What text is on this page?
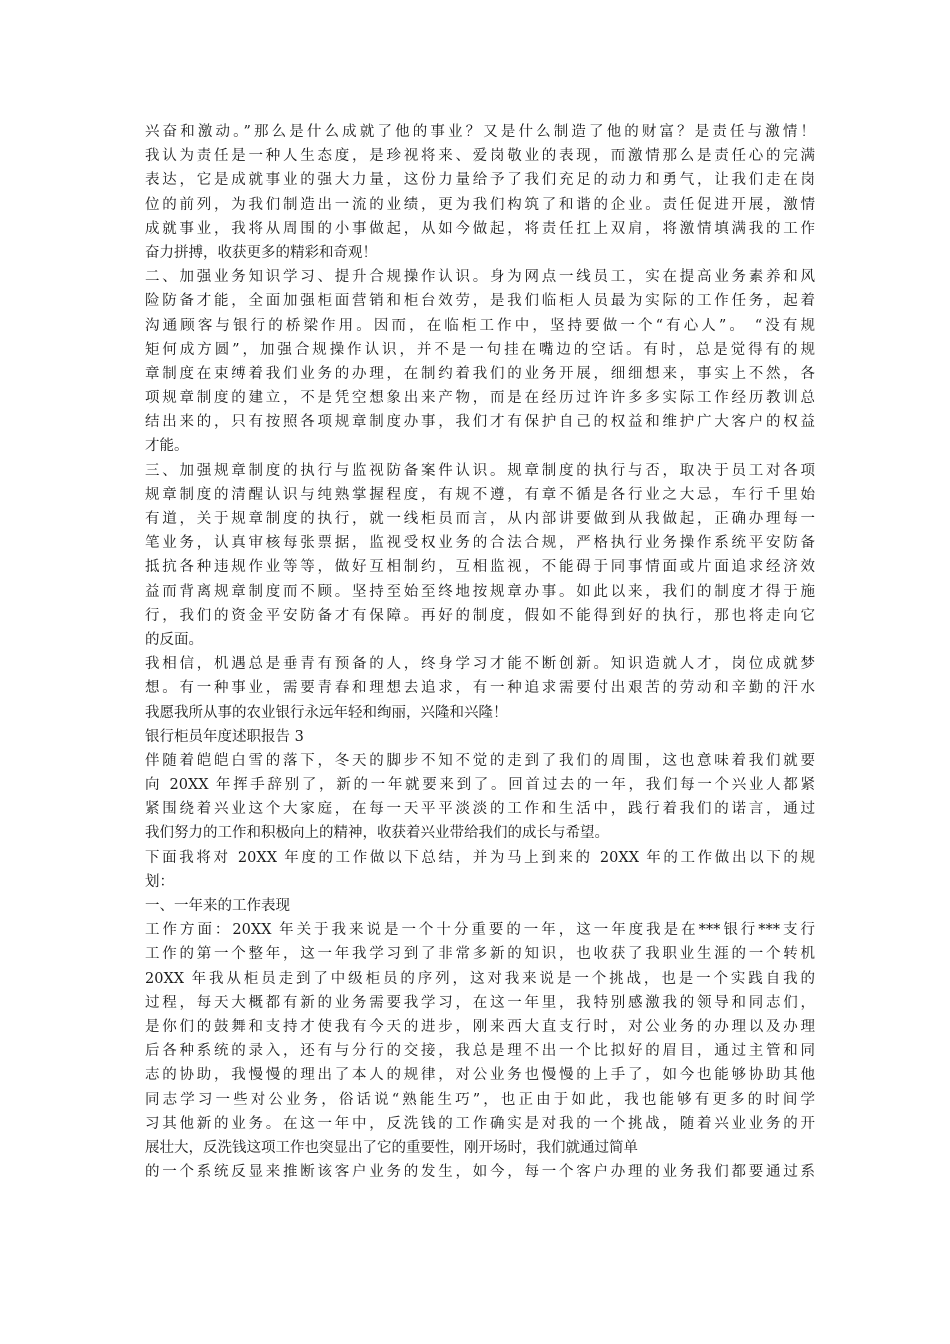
兴奋和激动。”那么是什么成就了他的事业？又是什么制造了他的财富？是责任与激情！
我认为责任是一种人生态度，是珍视将来、爱岗敬业的表现，而激情那么是责任心的完满
表达，它是成就事业的强大力量，这份力量给予了我们充足的动力和勇气，让我们走在岗
位的前列，为我们制造出一流的业绩，更为我们构筑了和谐的企业。责任促进开展，激情
成就事业，我将从周围的小事做起，从如今做起，将责任扛上双肩，将激情填满我的工作
奋力拼搏，收获更多的精彩和奇观！
二、加强业务知识学习、提升合规操作认识。身为网点一线员工，实在提高业务素养和风
险防备才能，全面加强柜面营销和柜台效劳，是我们临柜人员最为实际的工作任务，起着
沟通顾客与银行的桥梁作用。因而，在临柜工作中，坚持要做一个“有心人”。 “没有规
矩何成方圆”，加强合规操作认识，并不是一句挂在嘴边的空话。有时，总是觉得有的规
章制度在束缚着我们业务的办理，在制约着我们的业务开展，细细想来，事实上不然，各
项规章制度的建立，不是凭空想象出来产物，而是在经历过许许多多实际工作经历教训总
结出来的，只有按照各项规章制度办事，我们才有保护自己的权益和维护广大客户的权益
才能。
三、加强规章制度的执行与监视防备案件认识。规章制度的执行与否，取决于员工对各项
规章制度的清醒认识与纯熟掌握程度，有规不遵，有章不循是各行业之大忌，车行千里始
有道，关于规章制度的执行，就一线柜员而言，从内部讲要做到从我做起，正确办理每一
笔业务，认真审核每张票据，监视受权业务的合法合规，严格执行业务操作系统平安防备
抵抗各种违规作业等等，做好互相制约，互相监视，不能碍于同事情面或片面追求经济效
益而背离规章制度而不顾。坚持至始至终地按规章办事。如此以来，我们的制度才得于施
行，我们的资金平安防备才有保障。再好的制度，假如不能得到好的执行，那也将走向它
的反面。
我相信，机遇总是垂青有预备的人，终身学习才能不断创新。知识造就人才，岗位成就梦
想。有一种事业，需要青春和理想去追求，有一种追求需要付出艰苦的劳动和辛勤的汗水
我愿我所从事的农业银行永远年轻和绚丽，兴隆和兴隆！
银行柜员年度述职报告 3
伴随着皑皑白雪的落下，冬天的脚步不知不觉的走到了我们的周围，这也意味着我们就要
向 20XX 年挥手辞别了，新的一年就要来到了。回首过去的一年，我们每一个兴业人都紧
紧围绕着兴业这个大家庭，在每一天平平淡淡的工作和生活中，践行着我们的诺言，通过
我们努力的工作和积极向上的精神，收获着兴业带给我们的成长与希望。
下面我将对 20XX 年度的工作做以下总结，并为马上到来的 20XX 年的工作做出以下的规
划：
一、一年来的工作表现
工作方面：20XX 年关于我来说是一个十分重要的一年，这一年度我是在***银行***支行
工作的第一个整年，这一年我学习到了非常多新的知识，也收获了我职业生涯的一个转机
20XX 年我从柜员走到了中级柜员的序列，这对我来说是一个挑战，也是一个实践自我的
过程，每天大概都有新的业务需要我学习，在这一年里，我特别感激我的领导和同志们，
是你们的鼓舞和支持才使我有今天的进步，刚来西大直支行时，对公业务的办理以及办理
后各种系统的录入，还有与分行的交接，我总是理不出一个比拟好的眉目，通过主管和同
志的协助，我慢慢的理出了本人的规律，对公业务也慢慢的上手了，如今也能够协助其他
同志学习一些对公业务，俗话说“熟能生巧”，也正由于如此，我也能够有更多的时间学
习其他新的业务。在这一年中，反洗钱的工作确实是对我的一个挑战，随着兴业业务的开
展壮大，反洗钱这项工作也突显出了它的重要性，刚开场时，我们就通过简单
的一个系统反显来推断该客户业务的发生，如今，每一个客户办理的业务我们都要通过系
